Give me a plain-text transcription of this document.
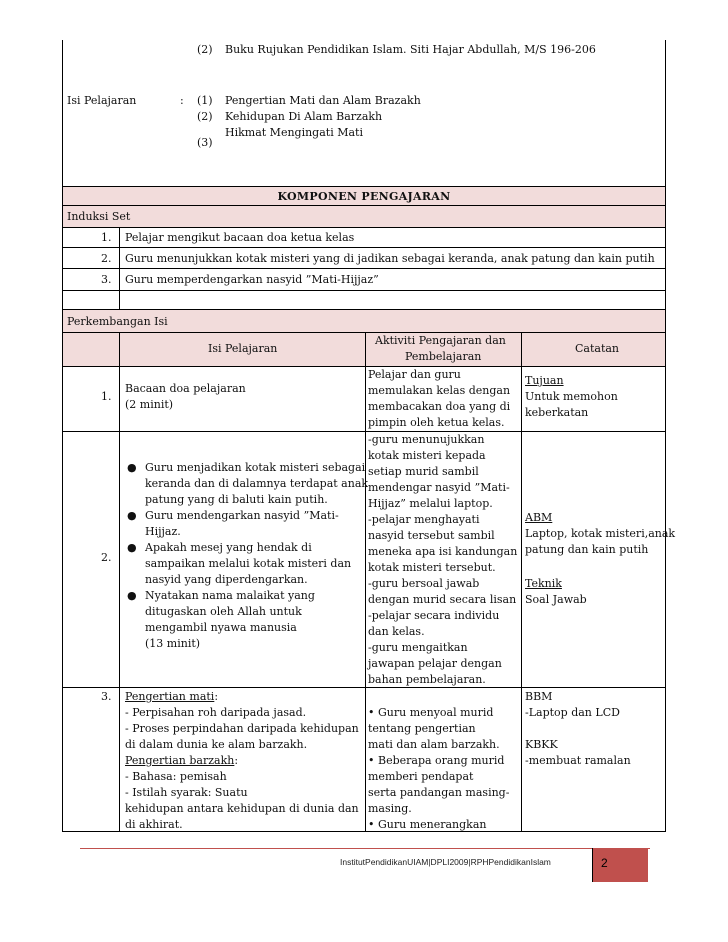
(2) Buku Rujukan Pendidikan Islam. Siti Hajar Abdullah, M/S 196-206
Isi Pelajaran	: (1) Pengertian Mati dan Alam Brazakh
(2) Kehidupan Di Alam Barzakh
(3)
Hikmat Mengingati Mati
KOMPONEN PENGAJARAN
Induksi Set
1. Pelajar mengikut bacaan doa ketua kelas
2. Guru menunjukkan kotak misteri yang di jadikan sebagai keranda, anak patung dan kain putih
3. Guru memperdengarkan nasyid ”Mati-Hijjaz”
Perkembangan Isi
Isi Pelajaran
Aktiviti Pengajaran dan
Pembelajaran
Catatan
1.
Bacaan doa pelajaran
(2 minit)
Pelajar dan guru
memulakan kelas dengan
membacakan doa yang di
pimpin oleh ketua kelas.
Tujuan
Untuk memohon
keberkatan
2.
● Guru menjadikan kotak misteri sebagai
keranda dan di dalamnya terdapat anak
patung yang di baluti kain putih.
● Guru mendengarkan nasyid ”Mati-
Hijjaz.
● Apakah mesej yang hendak di
sampaikan melalui kotak misteri dan
nasyid yang diperdengarkan.
● Nyatakan nama malaikat yang
ditugaskan oleh Allah untuk
mengambil nyawa manusia
(13 minit)
-guru menunujukkan
kotak misteri kepada
setiap murid sambil
mendengar nasyid ”Mati-
Hijjaz” melalui laptop.
-pelajar menghayati
nasyid tersebut sambil
meneka apa isi kandungan
kotak misteri tersebut.
-guru bersoal jawab
dengan murid secara lisan
-pelajar secara individu
dan kelas.
-guru mengaitkan
jawapan pelajar dengan
bahan pembelajaran.
ABM
Laptop, kotak misteri,anak
patung dan kain putih
Teknik
Soal Jawab
3. Pengertian mati:
- Perpisahan roh daripada jasad.
- Proses perpindahan daripada kehidupan
di dalam dunia ke alam barzakh.
Pengertian barzakh:
- Bahasa: pemisah
- Istilah syarak: Suatu
kehidupan antara kehidupan di dunia dan
di akhirat.
• Guru menyoal murid
tentang pengertian
mati dan alam barzakh.
• Beberapa orang murid
memberi pendapat
serta pandangan masing-
masing.
• Guru menerangkan
BBM
-Laptop dan LCD
KBKK
-membuat ramalan
InstitutPendidikanUIAM|DPLI2009|RPHPendidikanIslam	2
